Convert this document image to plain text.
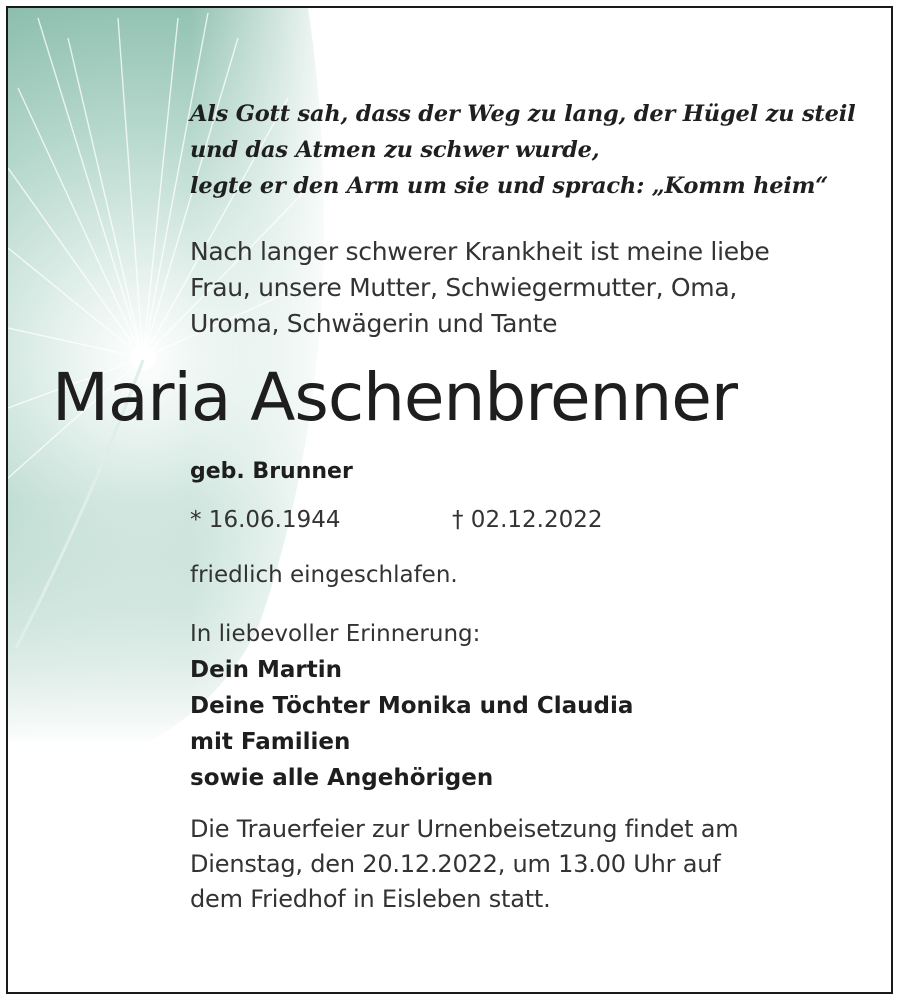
Als Gott sah, dass der Weg zu lang, der Hügel zu steil
und das Atmen zu schwer wurde,
legte er den Arm um sie und sprach: „Komm heim“
Nach langer schwerer Krankheit ist meine liebe
Frau, unsere Mutter, Schwiegermutter, Oma,
Uroma, Schwägerin und Tante
Maria Aschenbrenner
geb. Brunner
* 16.06.1944	† 02.12.2022
friedlich eingeschlafen.
In liebevoller Erinnerung:
Dein Martin
Deine Töchter Monika und Claudia
mit Familien
sowie alle Angehörigen
Die Trauerfeier zur Urnenbeisetzung findet am
Dienstag, den 20.12.2022, um 13.00 Uhr auf
dem Friedhof in Eisleben statt.
